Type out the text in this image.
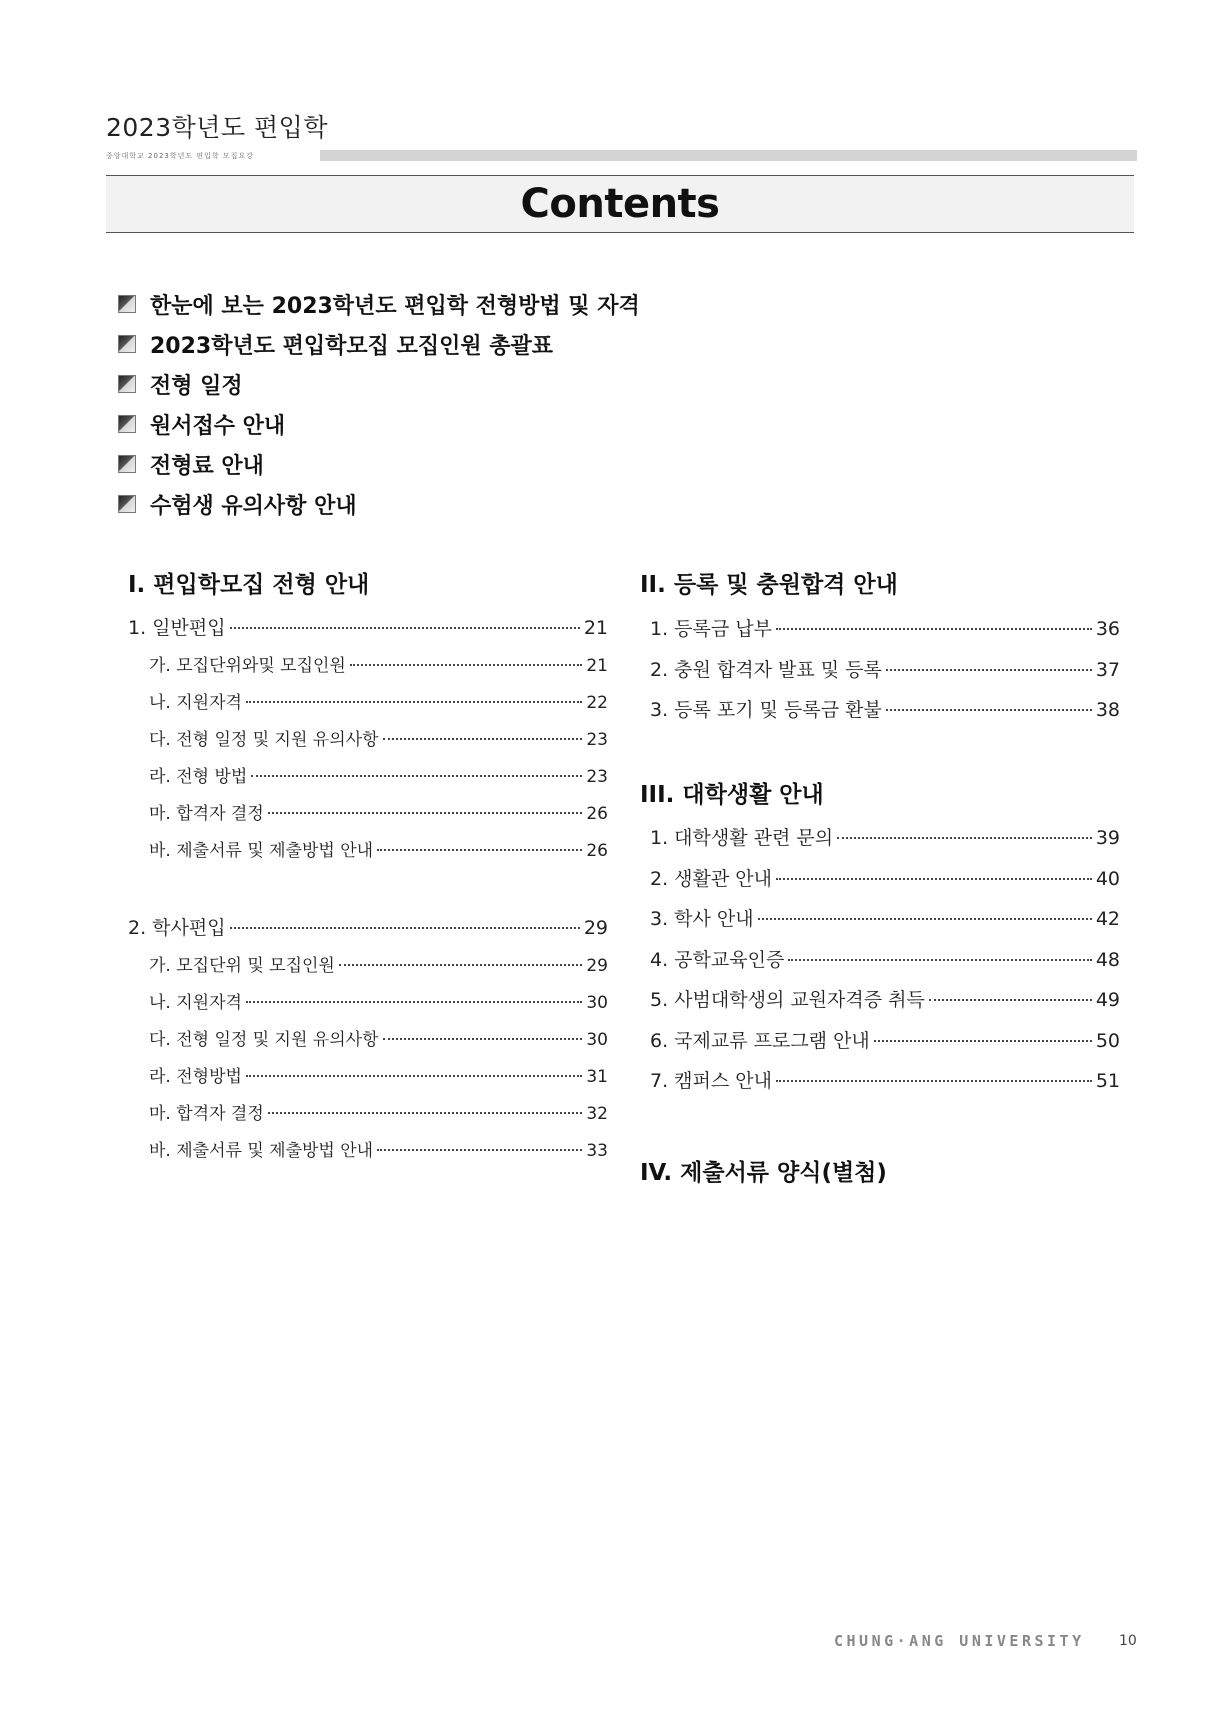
2023학년도 편입학
중앙대학교 2023학년도 편입학 모집요강
Contents
한눈에 보는 2023학년도 편입학 전형방법 및 자격
2023학년도 편입학모집 모집인원 총괄표
전형 일정
원서접수 안내
전형료 안내
수험생 유의사항 안내
I. 편입학모집 전형 안내
1. 일반편입	21
가. 모집단위와및 모집인원	21
나. 지원자격	22
다. 전형 일정 및 지원 유의사항	23
라. 전형 방법	23
마. 합격자 결정	26
바. 제출서류 및 제출방법 안내	26
2. 학사편입	29
가. 모집단위 및 모집인원	29
나. 지원자격	30
다. 전형 일정 및 지원 유의사항	30
라. 전형방법	31
마. 합격자 결정	32
바. 제출서류 및 제출방법 안내	33
II. 등록 및 충원합격 안내
1. 등록금 납부	36
2. 충원 합격자 발표 및 등록	37
3. 등록 포기 및 등록금 환불	38
III. 대학생활 안내
1. 대학생활 관련 문의	39
2. 생활관 안내	40
3. 학사 안내	42
4. 공학교육인증	48
5. 사범대학생의 교원자격증 취득	49
6. 국제교류 프로그램 안내	50
7. 캠퍼스 안내	51
IV. 제출서류 양식(별첨)
CHUNG·ANG UNIVERSITY 10
